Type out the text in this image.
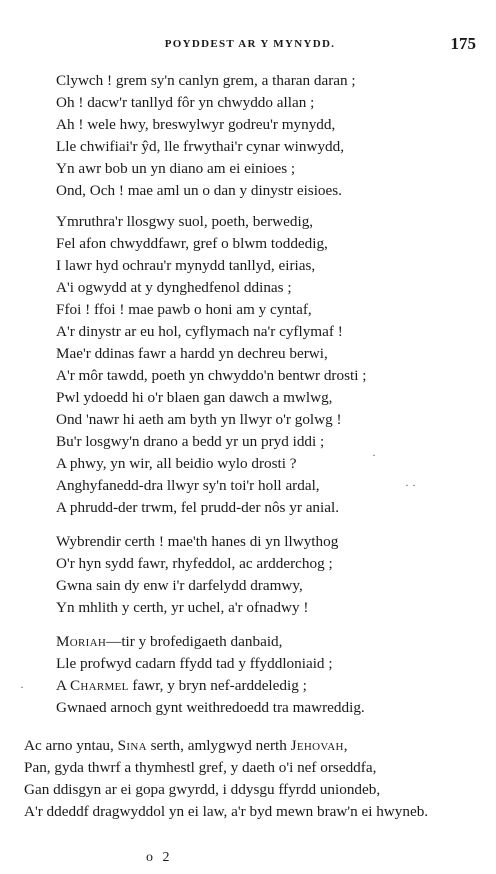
POYDDEST AR Y MYNYDD.	175
Clywch ! grem sy'n canlyn grem, a tharan daran ;
Oh ! dacw'r tanllyd fôr yn chwyddo allan ;
Ah ! wele hwy, breswylwyr godreu'r mynydd,
Lle chwifiai'r ŷd, lle frwythai'r cynar winwydd,
Yn awr bob un yn diano am ei einioes ;
Ond, Och ! mae aml un o dan y dinystr eisioes.
Ymruthra'r llosgwy suol, poeth, berwedig,
Fel afon chwyddfawr, gref o blwm toddedig,
I lawr hyd ochrau'r mynydd tanllyd, eirias,
A'i ogwydd at y dynghedfenol ddinas ;
Ffoi ! ffoi ! mae pawb o honi am y cyntaf,
A'r dinystr ar eu hol, cyflymach na'r cyflymaf !
Mae'r ddinas fawr a hardd yn dechreu berwi,
A'r môr tawdd, poeth yn chwyddo'n bentwr drosti ;
Pwl ydoedd hi o'r blaen gan dawch a mwlwg,
Ond 'nawr hi aeth am byth yn llwyr o'r golwg !
Bu'r losgwy'n drano a bedd yr un pryd iddi ;
A phwy, yn wir, all beidio wylo drosti ?
Anghyfanedd-dra llwyr sy'n toi'r holl ardal,
A phrudd-der trwm, fel prudd-der nôs yr anial.
· ·
·
Wybrendir certh ! mae'th hanes di yn llwythog
O'r hyn sydd fawr, rhyfeddol, ac ardderchog ;
Gwna sain dy enw i'r darfelydd dramwy,
Yn mhlith y certh, yr uchel, a'r ofnadwy !
Moriah—tir y brofedigaeth danbaid,
Lle profwyd cadarn ffydd tad y ffyddloniaid ;
A Charmel fawr, y bryn nef-arddeledig ;
Gwnaed arnoch gynt weithredoedd tra mawreddig.
·
Ac arno yntau, Sina serth, amlygwyd nerth Jehovah,
Pan, gyda thwrf a thymhestl gref, y daeth o'i nef orseddfa,
Gan ddisgyn ar ei gopa gwyrdd, i ddysgu ffyrdd uniondeb,
A'r ddeddf dragwyddol yn ei law, a'r byd mewn braw'n ei hwyneb.
o 2
